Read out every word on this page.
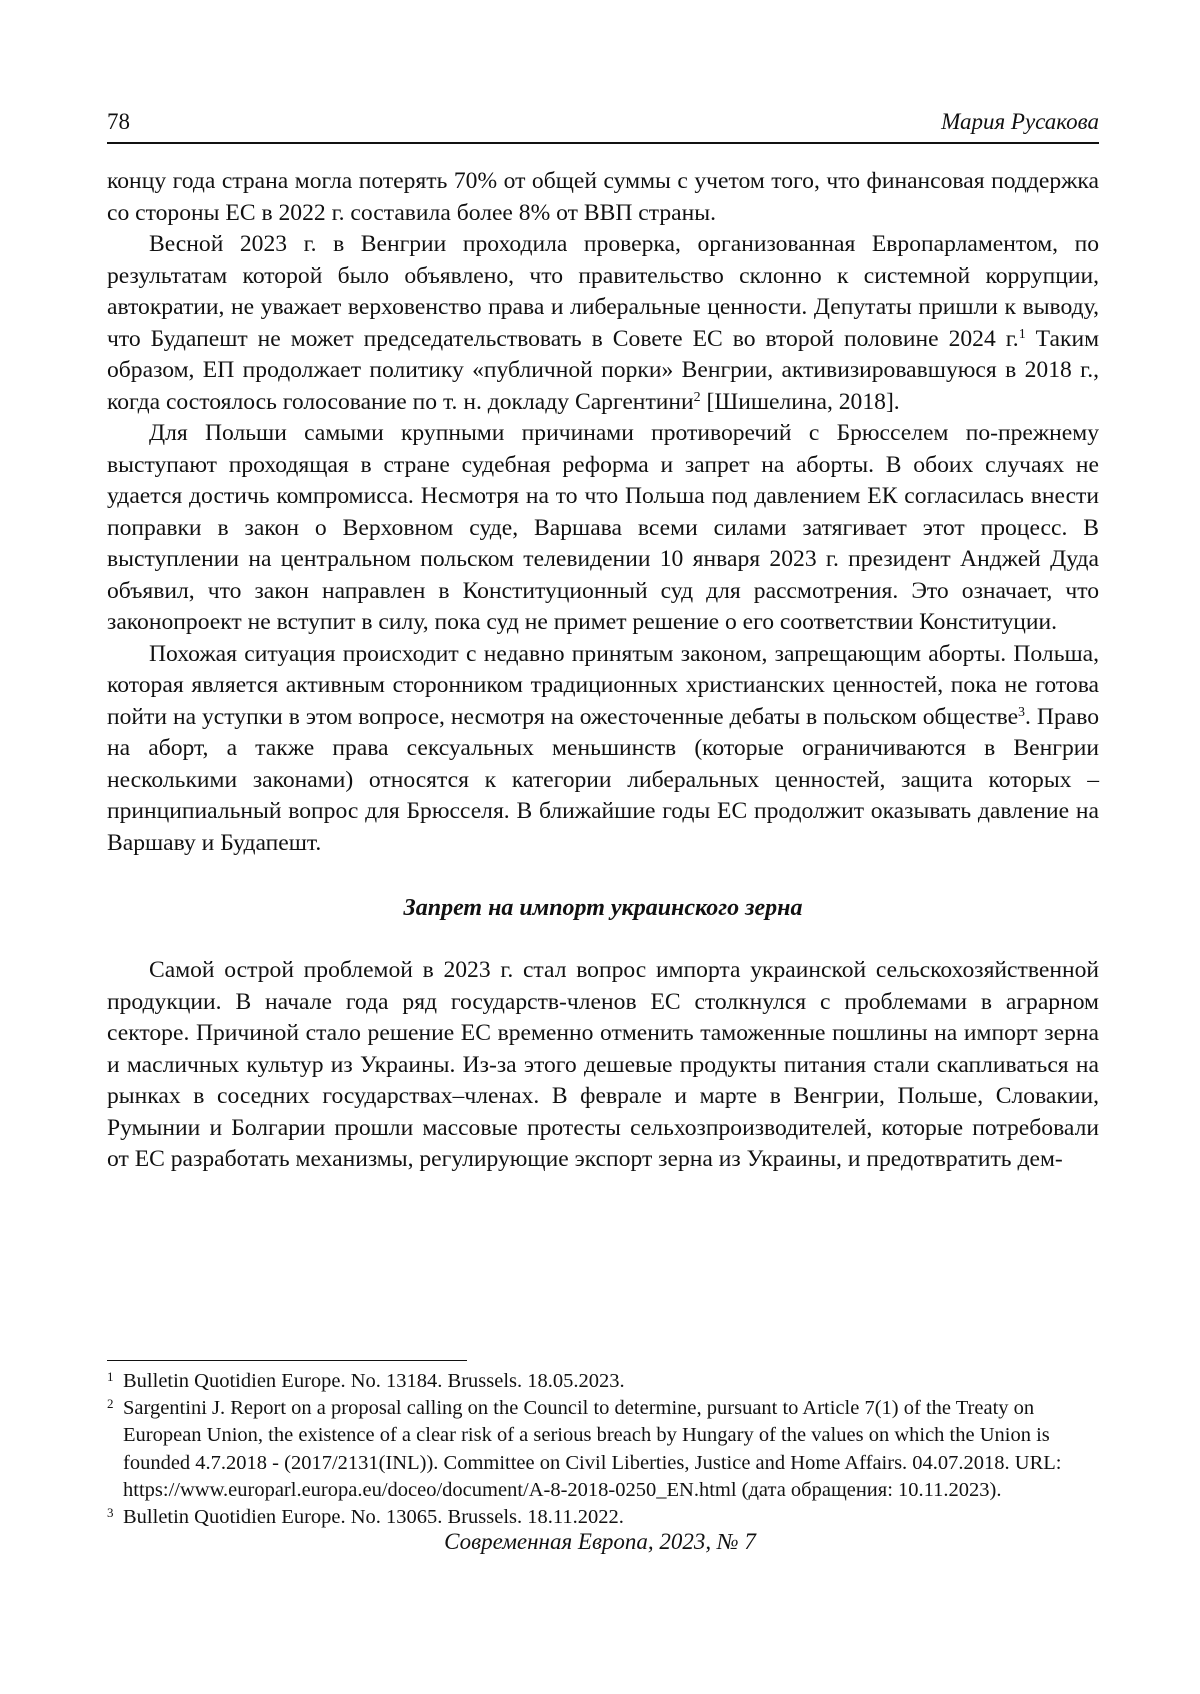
78	Мария Русакова

концу года страна могла потерять 70% от общей суммы с учетом того, что финансовая поддержка со стороны ЕС в 2022 г. составила более 8% от ВВП страны.

Весной 2023 г. в Венгрии проходила проверка, организованная Европарламентом, по результатам которой было объявлено, что правительство склонно к системной коррупции, автократии, не уважает верховенство права и либеральные ценности. Депутаты пришли к выводу, что Будапешт не может председательствовать в Совете ЕС во второй половине 2024 г.$^1$ Таким образом, ЕП продолжает политику «публичной порки» Венгрии, активизировавшуюся в 2018 г., когда состоялось голосование по т. н. докладу Саргентини$^2$ [Шишелина, 2018].

Для Польши самыми крупными причинами противоречий с Брюсселем по-прежнему выступают проходящая в стране судебная реформа и запрет на аборты. В обоих случаях не удается достичь компромисса. Несмотря на то что Польша под давлением ЕК согласилась внести поправки в закон о Верховном суде, Варшава всеми силами затягивает этот процесс. В выступлении на центральном польском телевидении 10 января 2023 г. президент Анджей Дуда объявил, что закон направлен в Конституционный суд для рассмотрения. Это означает, что законопроект не вступит в силу, пока суд не примет решение о его соответствии Конституции.

Похожая ситуация происходит с недавно принятым законом, запрещающим аборты. Польша, которая является активным сторонником традиционных христианских ценностей, пока не готова пойти на уступки в этом вопросе, несмотря на ожесточенные дебаты в польском обществе$^3$. Право на аборт, а также права сексуальных меньшинств (которые ограничиваются в Венгрии несколькими законами) относятся к категории либеральных ценностей, защита которых – принципиальный вопрос для Брюсселя. В ближайшие годы ЕС продолжит оказывать давление на Варшаву и Будапешт.

Запрет на импорт украинского зерна

Самой острой проблемой в 2023 г. стал вопрос импорта украинской сельскохозяйственной продукции. В начале года ряд государств-членов ЕС столкнулся с проблемами в аграрном секторе. Причиной стало решение ЕС временно отменить таможенные пошлины на импорт зерна и масличных культур из Украины. Из-за этого дешевые продукты питания стали скапливаться на рынках в соседних государствах–членах. В феврале и марте в Венгрии, Польше, Словакии, Румынии и Болгарии прошли массовые протесты сельхозпроизводителей, которые потребовали от ЕС разработать механизмы, регулирующие экспорт зерна из Украины, и предотвратить дем-

1 Bulletin Quotidien Europe. No. 13184. Brussels. 18.05.2023.

2 Sargentini J. Report on a proposal calling on the Council to determine, pursuant to Article 7(1) of the Treaty on European Union, the existence of a clear risk of a serious breach by Hungary of the values on which the Union is founded 4.7.2018 - (2017/2131(INL)). Committee on Civil Liberties, Justice and Home Affairs. 04.07.2018. URL: https://www.europarl.europa.eu/doceo/document/A-8-2018-0250_EN.html (дата обращения: 10.11.2023).

3 Bulletin Quotidien Europe. No. 13065. Brussels. 18.11.2022.

Современная Европа, 2023, № 7
